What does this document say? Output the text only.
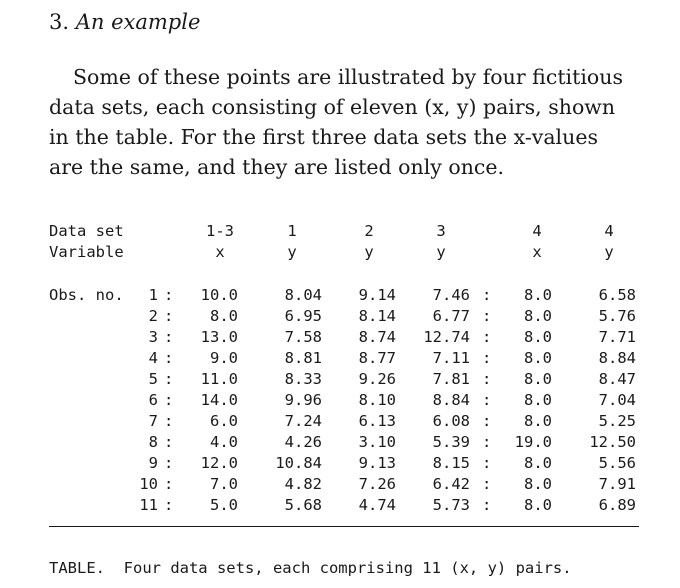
3. An example
Some of these points are illustrated by four fictitious
data sets, each consisting of eleven (x, y) pairs, shown
in the table. For the first three data sets the x-values
are the same, and they are listed only once.
Data set	1-3	1	2	3	4	4
Variable	x	y	y	y	x	y
Obs. no.	1 :	10.0	8.04	9.14	7.46 :	8.0	6.58
2 :	8.0	6.95	8.14	6.77 :	8.0	5.76
3 :	13.0	7.58	8.74	12.74 :	8.0	7.71
4 :	9.0	8.81	8.77	7.11 :	8.0	8.84
5 :	11.0	8.33	9.26	7.81 :	8.0	8.47
6 :	14.0	9.96	8.10	8.84 :	8.0	7.04
7 :	6.0	7.24	6.13	6.08 :	8.0	5.25
8 :	4.0	4.26	3.10	5.39 :	19.0	12.50
9 :	12.0	10.84	9.13	8.15 :	8.0	5.56
10 :	7.0	4.82	7.26	6.42 :	8.0	7.91
11 :	5.0	5.68	4.74	5.73 :	8.0	6.89
TABLE.  Four data sets, each comprising 11 (x, y) pairs.
